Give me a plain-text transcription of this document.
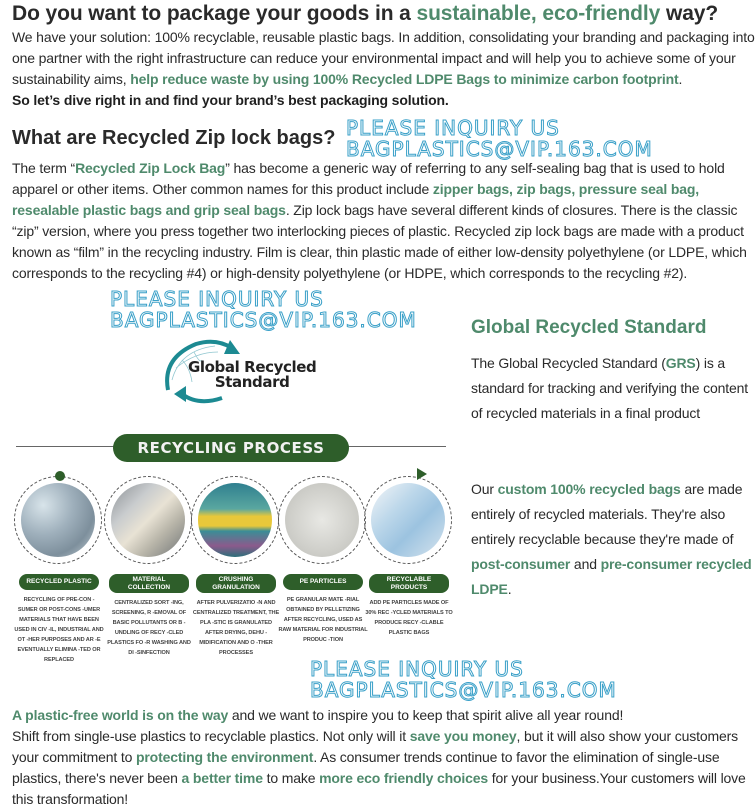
Do you want to package your goods in a sustainable, eco-friendly way?

We have your solution: 100% recyclable, reusable plastic bags. In addition, consolidating your branding and packaging into one partner with the right infrastructure can reduce your environmental impact and will help you to achieve some of your sustainability aims, help reduce waste by using 100% Recycled LDPE Bags to minimize carbon footprint.

So let’s dive right in and find your brand’s best packaging solution.

What are Recycled Zip lock bags? PLEASE INQUIRY US
BAGPLASTICS@VIP.163.COM

The term “Recycled Zip Lock Bag” has become a generic way of referring to any self-sealing bag that is used to hold apparel or other items. Other common names for this product include zipper bags, zip bags, pressure seal bag, resealable plastic bags and grip seal bags. Zip lock bags have several different kinds of closures. There is the classic “zip” version, where you press together two interlocking pieces of plastic. Recycled zip lock bags are made with a product known as “film” in the recycling industry. Film is clear, thin plastic made of either low-density polyethylene (or LDPE, which corresponds to the recycling #4) or high-density polyethylene (or HDPE, which corresponds to the recycling #2).

PLEASE INQUIRY US
BAGPLASTICS@VIP.163.COM
Global Recycled
Standard
RECYCLING PROCESS
RECYCLED PLASTIC
RECYCLING OF PRE-CON -SUMER OR POST-CONS -UMER MATERIALS THAT HAVE BEEN USED IN CIV -IL, INDUSTRIAL AND OT -HER PURPOSES AND AR -E EVENTUALLY ELIMINA -TED OR REPLACED
MATERIAL COLLECTION
CENTRALIZED SORT -ING, SCREENING, R -EMOVAL OF BASIC POLLUTANTS OR B -UNDLING OF RECY -CLED PLASTICS FO -R WASHING AND DI -SINFECTION
CRUSHING GRANULATION
AFTER PULVERIZATIO -N AND CENTRALIZED TREATMENT, THE PLA -STIC IS GRANULATED AFTER DRYING, DEHU -MIDIFICATION AND O -THER PROCESSES
PE PARTICLES
PE GRANULAR MATE -RIAL OBTAINED BY PELLETIZING AFTER RECYCLING, USED AS RAW MATERIAL FOR INDUSTRIAL PRODUC -TION
RECYCLABLE PRODUCTS
ADD PE PARTICLES MADE OF 30% REC -YCLED MATERIALS TO PRODUCE RECY -CLABLE PLASTIC BAGS
Global Recycled Standard

The Global Recycled Standard (GRS) is a standard for tracking and verifying the content of recycled materials in a final product

Our custom 100% recycled bags are made entirely of recycled materials. They're also entirely recyclable because they're made of post-consumer and pre-consumer recycled LDPE.

PLEASE INQUIRY US
BAGPLASTICS@VIP.163.COM
A plastic-free world is on the way and we want to inspire you to keep that spirit alive all year round!
Shift from single-use plastics to recyclable plastics. Not only will it save you money, but it will also show your customers your commitment to protecting the environment. As consumer trends continue to favor the elimination of single-use plastics, there's never been a better time to make more eco friendly choices for your business.Your customers will love this transformation!
